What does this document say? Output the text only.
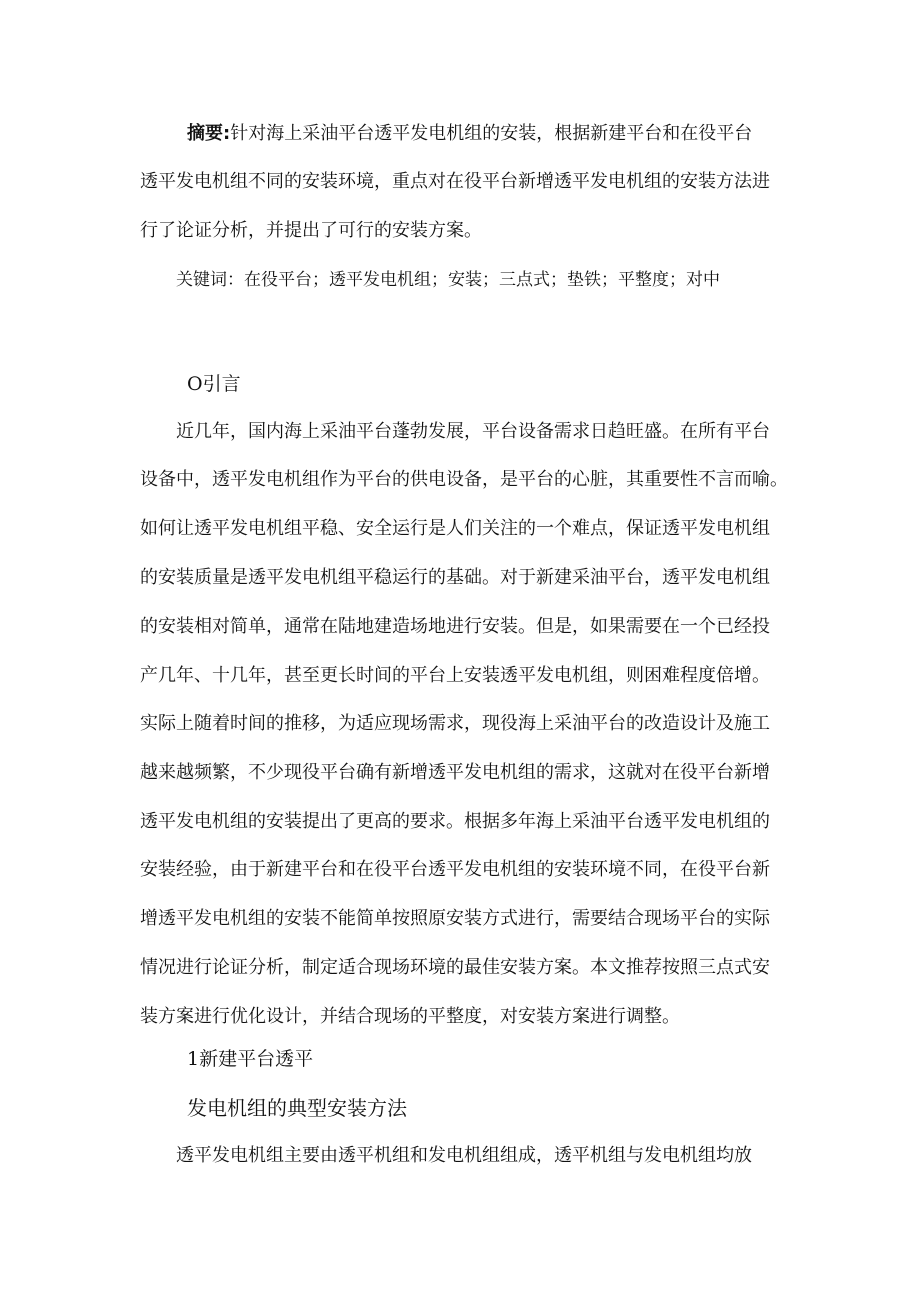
摘要:针对海上采油平台透平发电机组的安装，根据新建平台和在役平台
透平发电机组不同的安装环境，重点对在役平台新增透平发电机组的安装方法进
行了论证分析，并提出了可行的安装方案。
关键词：在役平台；透平发电机组；安装；三点式；垫铁；平整度；对中
O引言
近几年，国内海上采油平台蓬勃发展，平台设备需求日趋旺盛。在所有平台
设备中，透平发电机组作为平台的供电设备，是平台的心脏，其重要性不言而喻。
如何让透平发电机组平稳、安全运行是人们关注的一个难点，保证透平发电机组
的安装质量是透平发电机组平稳运行的基础。对于新建采油平台，透平发电机组
的安装相对简单，通常在陆地建造场地进行安装。但是，如果需要在一个已经投
产几年、十几年，甚至更长时间的平台上安装透平发电机组，则困难程度倍增。
实际上随着时间的推移，为适应现场需求，现役海上采油平台的改造设计及施工
越来越频繁，不少现役平台确有新增透平发电机组的需求，这就对在役平台新增
透平发电机组的安装提出了更高的要求。根据多年海上采油平台透平发电机组的
安装经验，由于新建平台和在役平台透平发电机组的安装环境不同，在役平台新
增透平发电机组的安装不能简单按照原安装方式进行，需要结合现场平台的实际
情况进行论证分析，制定适合现场环境的最佳安装方案。本文推荐按照三点式安
装方案进行优化设计，并结合现场的平整度，对安装方案进行调整。
1新建平台透平
发电机组的典型安装方法
透平发电机组主要由透平机组和发电机组组成，透平机组与发电机组均放
